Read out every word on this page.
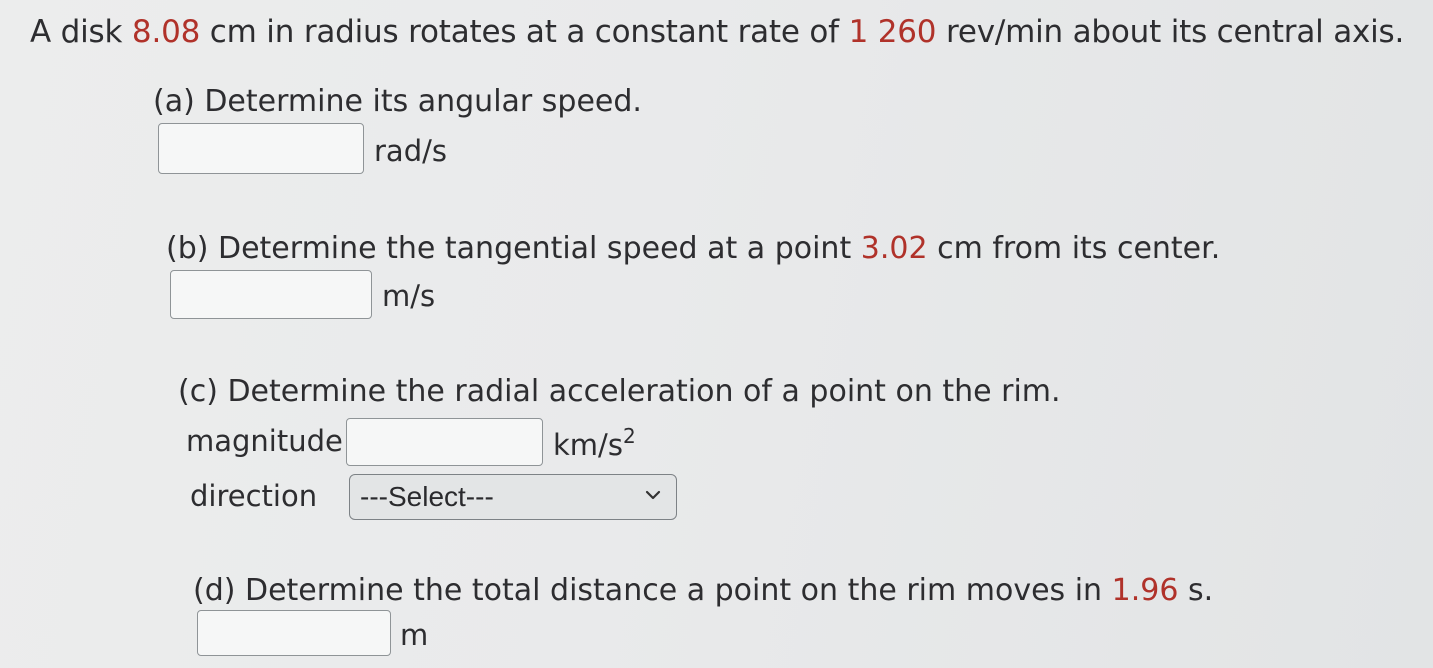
A disk 8.08 cm in radius rotates at a constant rate of 1 260 rev/min about its central axis.
(a) Determine its angular speed.
rad/s
(b) Determine the tangential speed at a point 3.02 cm from its center.
m/s
(c) Determine the radial acceleration of a point on the rim.
magnitude	$km/s^2$
direction ---Select---
(d) Determine the total distance a point on the rim moves in 1.96 s.
m
